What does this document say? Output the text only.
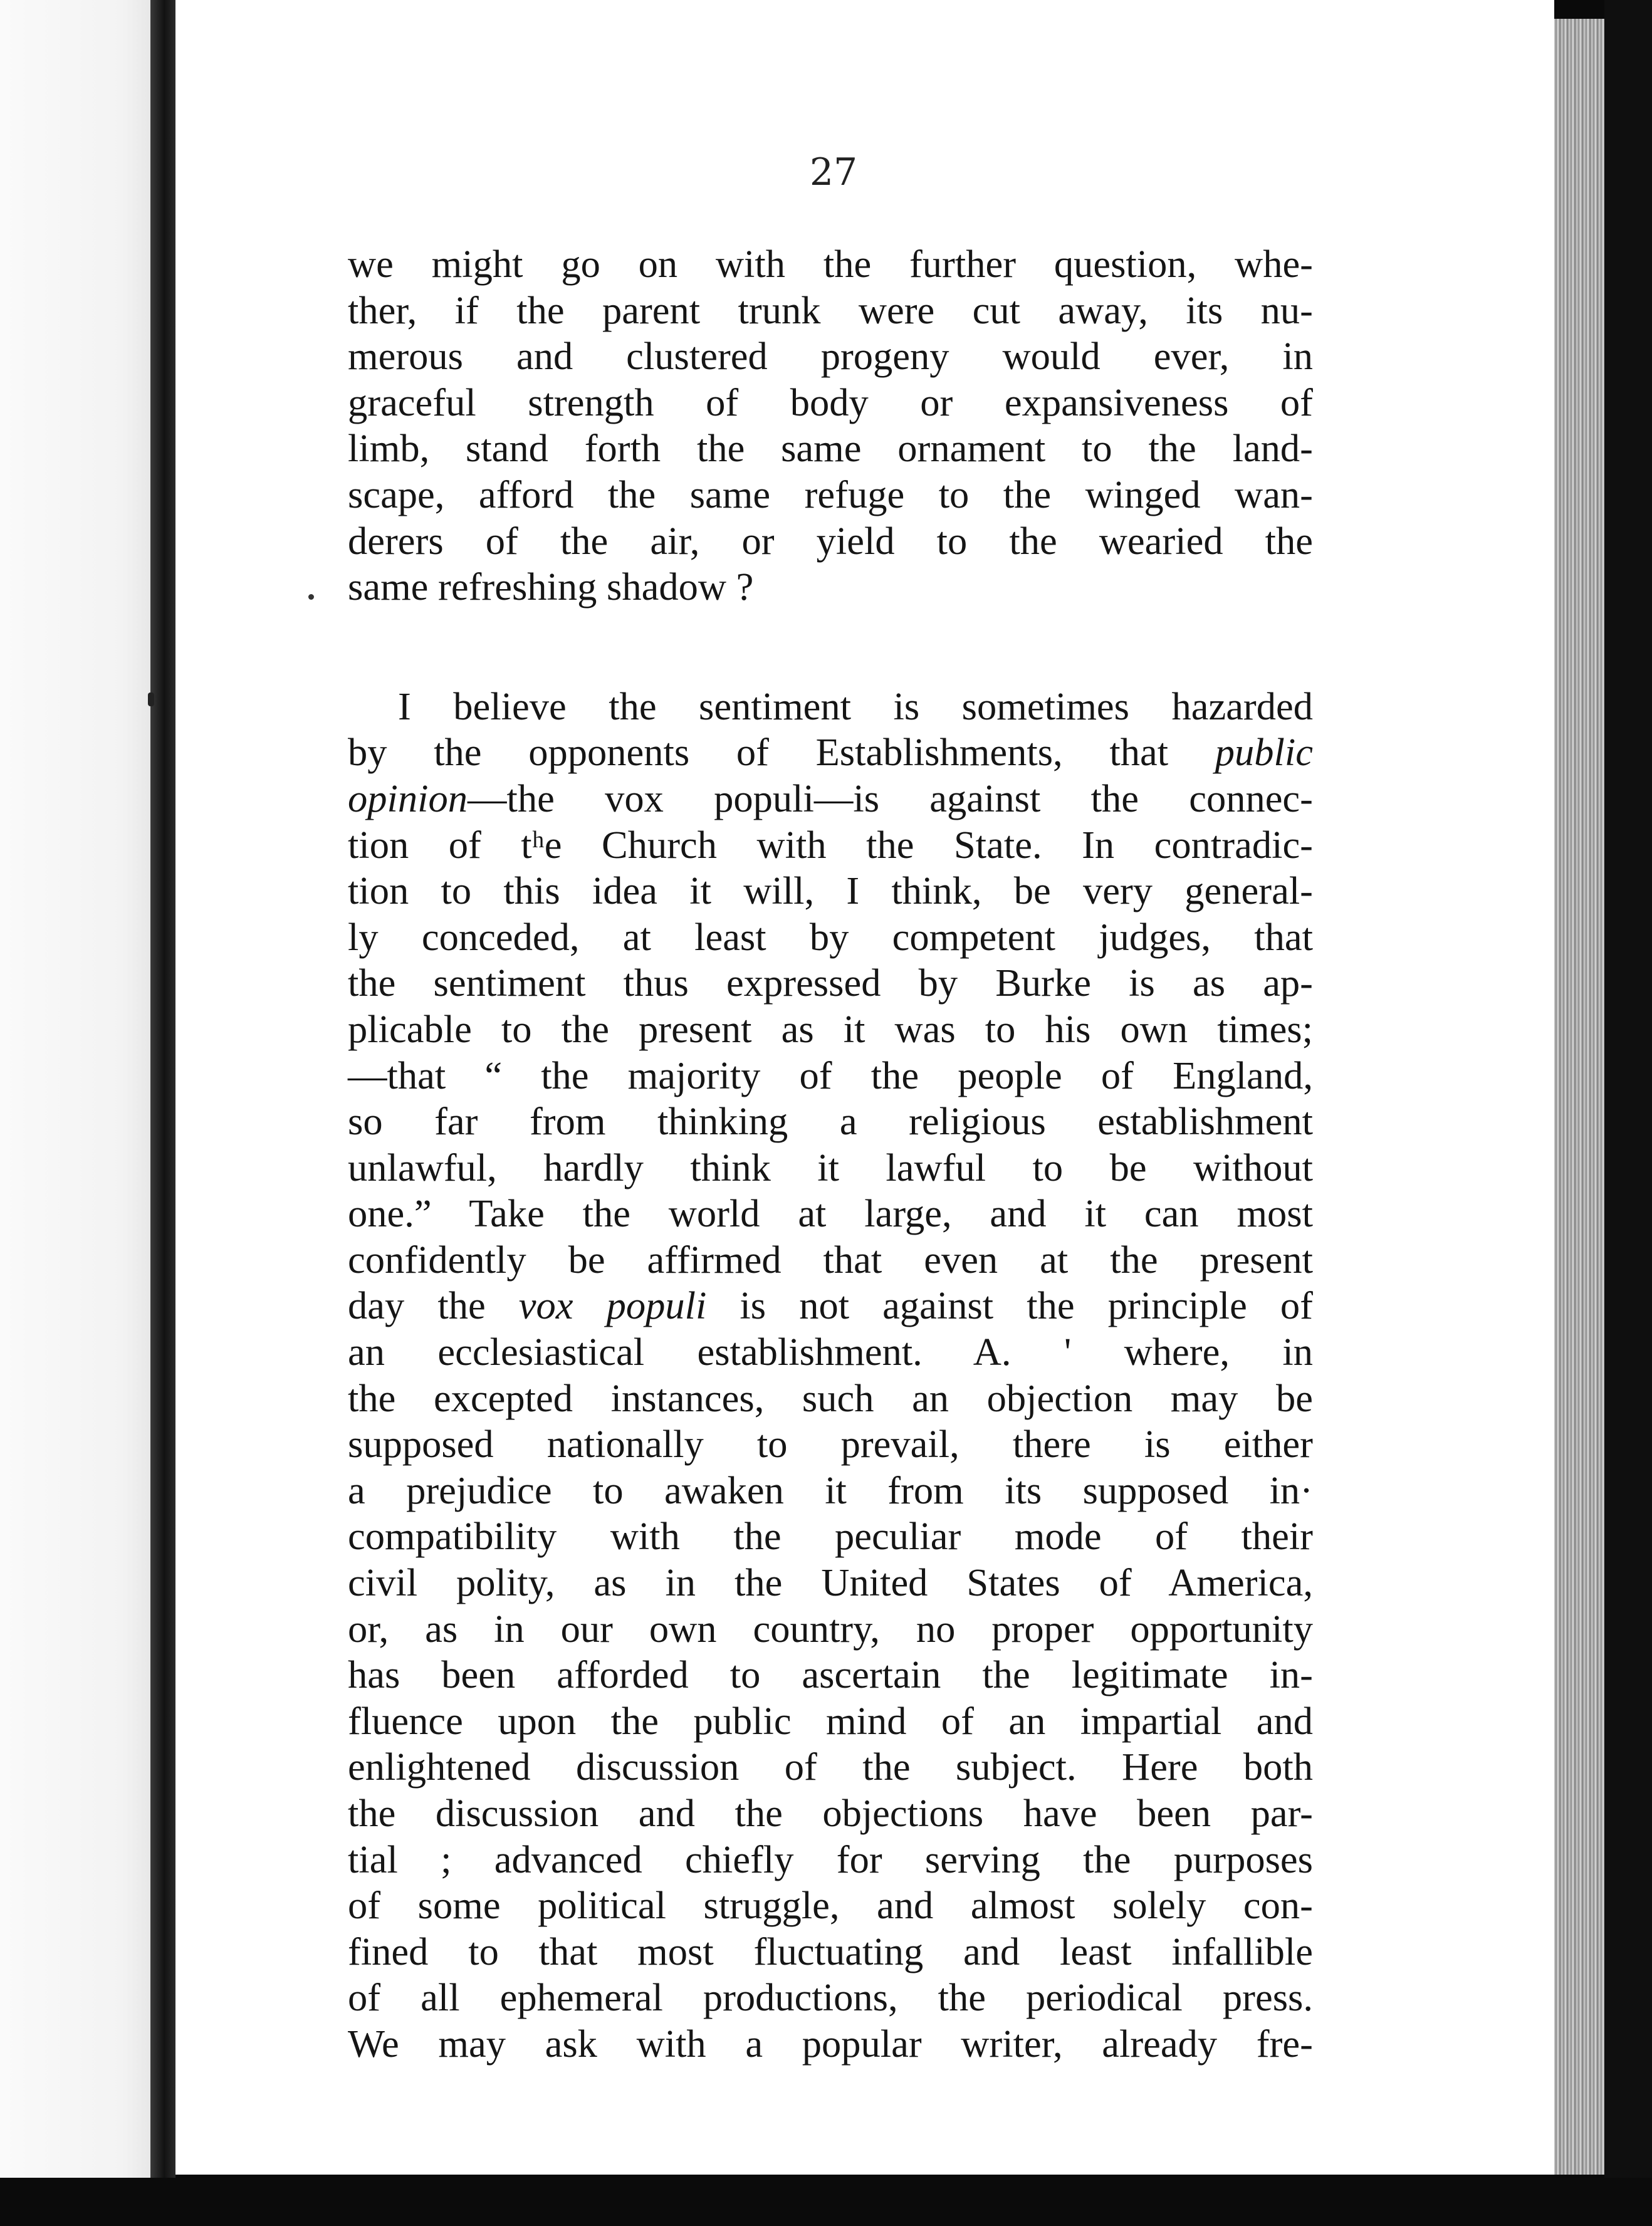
27
we might go on with the further question, whe-
ther, if the parent trunk were cut away, its nu-
merous and clustered progeny would ever, in
graceful strength of body or expansiveness of
limb, stand forth the same ornament to the land-
scape, afford the same refuge to the winged wan-
derers of the air, or yield to the wearied the
same refreshing shadow ?
I believe the sentiment is sometimes hazarded
by the opponents of Establishments, that public
opinion—the vox populi—is against the connec-
tion of tʰe Church with the State. In contradic-
tion to this idea it will, I think, be very general-
ly conceded, at least by competent judges, that
the sentiment thus expressed by Burke is as ap-
plicable to the present as it was to his own times;
—that “ the majority of the people of England,
so far from thinking a religious establishment
unlawful, hardly think it lawful to be without
one.” Take the world at large, and it can most
confidently be affirmed that even at the present
day the vox populi is not against the principle of
an ecclesiastical establishment. A. ' where, in
the excepted instances, such an objection may be
supposed nationally to prevail, there is either
a prejudice to awaken it from its supposed in·
compatibility with the peculiar mode of their
civil polity, as in the United States of America,
or, as in our own country, no proper opportunity
has been afforded to ascertain the legitimate in-
fluence upon the public mind of an impartial and
enlightened discussion of the subject. Here both
the discussion and the objections have been par-
tial ; advanced chiefly for serving the purposes
of some political struggle, and almost solely con-
fined to that most fluctuating and least infallible
of all ephemeral productions, the periodical press.
We may ask with a popular writer, already fre-
